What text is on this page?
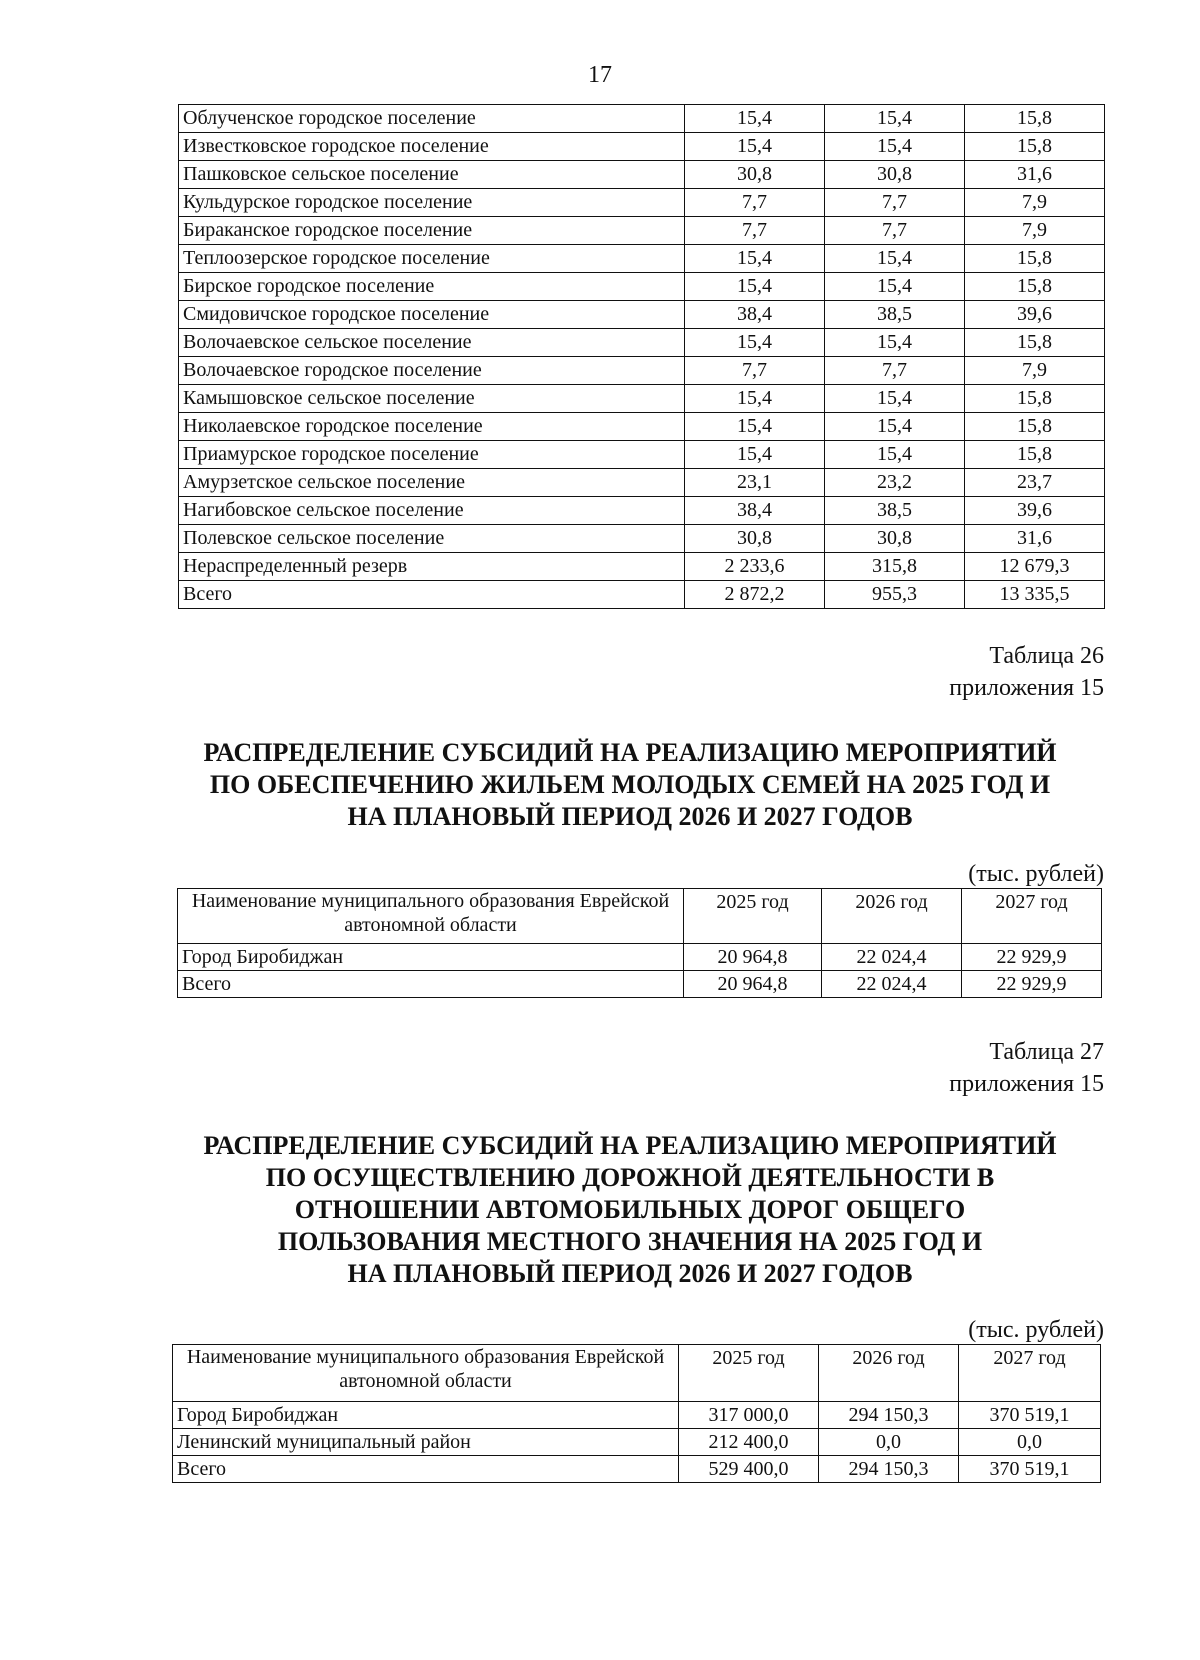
17
Облученское городское поселение	15,4	15,4	15,8
Известковское городское поселение	15,4	15,4	15,8
Пашковское сельское поселение	30,8	30,8	31,6
Кульдурское городское поселение	7,7	7,7	7,9
Бираканское городское поселение	7,7	7,7	7,9
Теплоозерское городское поселение	15,4	15,4	15,8
Бирское городское поселение	15,4	15,4	15,8
Смидовичское городское поселение	38,4	38,5	39,6
Волочаевское сельское поселение	15,4	15,4	15,8
Волочаевское городское поселение	7,7	7,7	7,9
Камышовское сельское поселение	15,4	15,4	15,8
Николаевское городское поселение	15,4	15,4	15,8
Приамурское городское поселение	15,4	15,4	15,8
Амурзетское сельское поселение	23,1	23,2	23,7
Нагибовское сельское поселение	38,4	38,5	39,6
Полевское сельское поселение	30,8	30,8	31,6
Нераспределенный резерв	2 233,6	315,8	12 679,3
Всего	2 872,2	955,3	13 335,5
Таблица 26
приложения 15
РАСПРЕДЕЛЕНИЕ СУБСИДИЙ НА РЕАЛИЗАЦИЮ МЕРОПРИЯТИЙ
ПО ОБЕСПЕЧЕНИЮ ЖИЛЬЕМ МОЛОДЫХ СЕМЕЙ НА 2025 ГОД И
НА ПЛАНОВЫЙ ПЕРИОД 2026 И 2027 ГОДОВ
(тыс. рублей)
Наименование муниципального образования Еврейской автономной области	2025 год	2026 год	2027 год
Город Биробиджан	20 964,8	22 024,4	22 929,9
Всего	20 964,8	22 024,4	22 929,9
Таблица 27
приложения 15
РАСПРЕДЕЛЕНИЕ СУБСИДИЙ НА РЕАЛИЗАЦИЮ МЕРОПРИЯТИЙ
ПО ОСУЩЕСТВЛЕНИЮ ДОРОЖНОЙ ДЕЯТЕЛЬНОСТИ В
ОТНОШЕНИИ АВТОМОБИЛЬНЫХ ДОРОГ ОБЩЕГО
ПОЛЬЗОВАНИЯ МЕСТНОГО ЗНАЧЕНИЯ НА 2025 ГОД И
НА ПЛАНОВЫЙ ПЕРИОД 2026 И 2027 ГОДОВ
(тыс. рублей)
Наименование муниципального образования Еврейской автономной области	2025 год	2026 год	2027 год
Город Биробиджан	317 000,0	294 150,3	370 519,1
Ленинский муниципальный район	212 400,0	0,0	0,0
Всего	529 400,0	294 150,3	370 519,1
